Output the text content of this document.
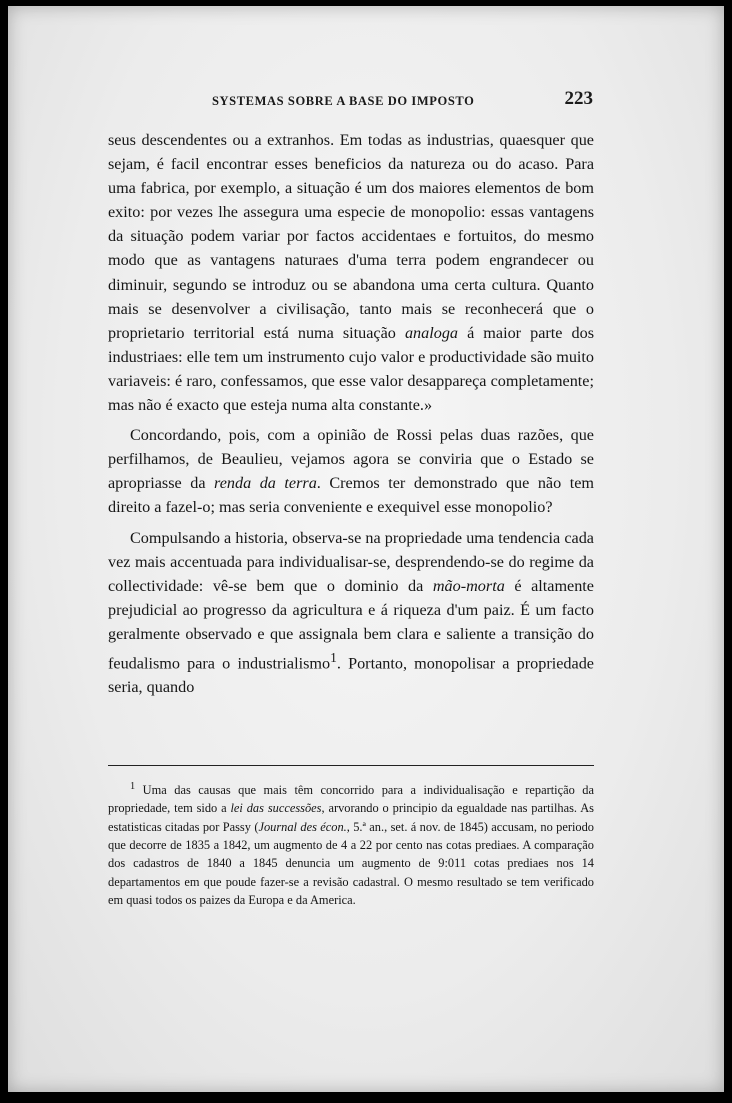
SYSTEMAS SOBRE A BASE DO IMPOSTO	223

seus descendentes ou a extranhos. Em todas as industrias, quaesquer que sejam, é facil encontrar esses beneficios da natureza ou do acaso. Para uma fabrica, por exemplo, a situação é um dos maiores elementos de bom exito: por vezes lhe assegura uma especie de monopolio: essas vantagens da situação podem variar por factos accidentaes e fortuitos, do mesmo modo que as vantagens naturaes d'uma terra podem engrandecer ou diminuir, segundo se introduz ou se abandona uma certa cultura. Quanto mais se desenvolver a civilisação, tanto mais se reconhecerá que o proprietario territorial está numa situação analoga á maior parte dos industriaes: elle tem um instrumento cujo valor e productividade são muito variaveis: é raro, confessamos, que esse valor desappareça completamente; mas não é exacto que esteja numa alta constante.»

Concordando, pois, com a opinião de Rossi pelas duas razões, que perfilhamos, de Beaulieu, vejamos agora se conviria que o Estado se apropriasse da renda da terra. Cremos ter demonstrado que não tem direito a fazel-o; mas seria conveniente e exequivel esse monopolio?

Compulsando a historia, observa-se na propriedade uma tendencia cada vez mais accentuada para individualisar-se, desprendendo-se do regime da collectividade: vê-se bem que o dominio da mão-morta é altamente prejudicial ao progresso da agricultura e á riqueza d'um paiz. É um facto geralmente observado e que assignala bem clara e saliente a transição do feudalismo para o industrialismo$^1$. Portanto, monopolisar a propriedade seria, quando

$^1$ Uma das causas que mais têm concorrido para a individualisação e repartição da propriedade, tem sido a lei das successões, arvorando o principio da egualdade nas partilhas. As estatisticas citadas por Passy (Journal des écon., 5.ª an., set. á nov. de 1845) accusam, no periodo que decorre de 1835 a 1842, um augmento de 4 a 22 por cento nas cotas prediaes. A comparação dos cadastros de 1840 a 1845 denuncia um augmento de 9:011 cotas prediaes nos 14 departamentos em que poude fazer-se a revisão cadastral. O mesmo resultado se tem verificado em quasi todos os paizes da Europa e da America.
